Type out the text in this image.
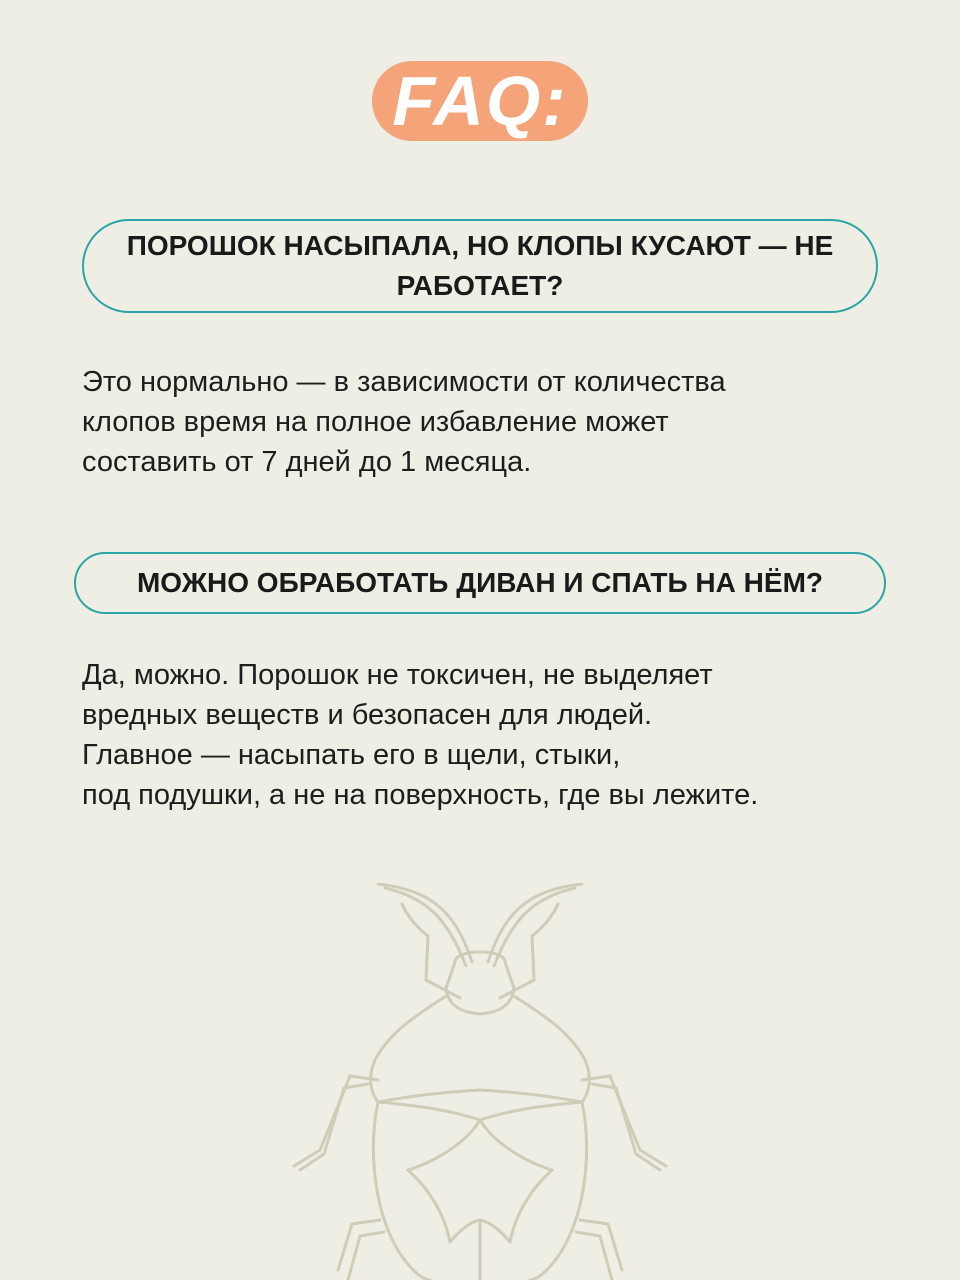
FAQ:
ПОРОШОК НАСЫПАЛА, НО КЛОПЫ КУСАЮТ — НЕ РАБОТАЕТ?
Это нормально — в зависимости от количества
клопов время на полное избавление может
составить от 7 дней до 1 месяца.
МОЖНО ОБРАБОТАТЬ ДИВАН И СПАТЬ НА НЁМ?
Да, можно. Порошок не токсичен, не выделяет
вредных веществ и безопасен для людей.
Главное — насыпать его в щели, стыки,
под подушки, а не на поверхность, где вы лежите.
